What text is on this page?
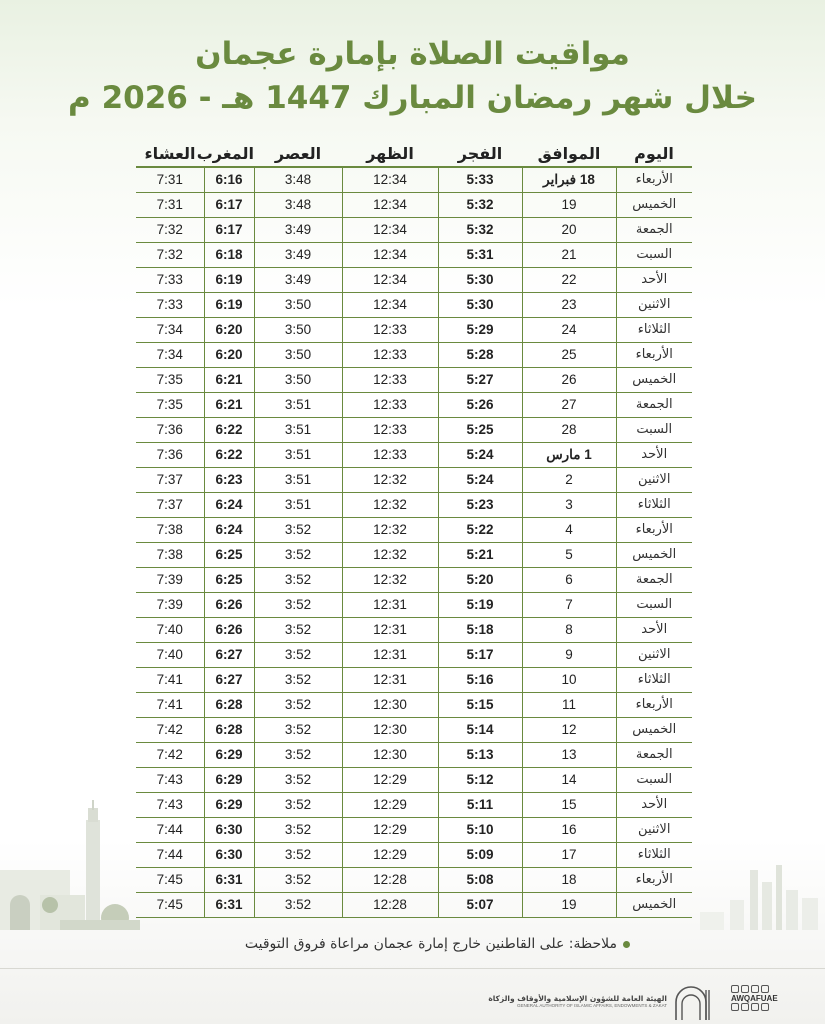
مواقيت الصلاة بإمارة عجمان
خلال شهر رمضان المبارك 1447 هـ - 2026 م
اليوم	الموافق	الفجر	الظهر	العصر	المغرب	العشاء
الأربعاء	18 فبراير	5:33	12:34	3:48	6:16	7:31
الخميس	19	5:32	12:34	3:48	6:17	7:31
الجمعة	20	5:32	12:34	3:49	6:17	7:32
السبت	21	5:31	12:34	3:49	6:18	7:32
الأحد	22	5:30	12:34	3:49	6:19	7:33
الاثنين	23	5:30	12:34	3:50	6:19	7:33
الثلاثاء	24	5:29	12:33	3:50	6:20	7:34
الأربعاء	25	5:28	12:33	3:50	6:20	7:34
الخميس	26	5:27	12:33	3:50	6:21	7:35
الجمعة	27	5:26	12:33	3:51	6:21	7:35
السبت	28	5:25	12:33	3:51	6:22	7:36
الأحد	1 مارس	5:24	12:33	3:51	6:22	7:36
الاثنين	2	5:24	12:32	3:51	6:23	7:37
الثلاثاء	3	5:23	12:32	3:51	6:24	7:37
الأربعاء	4	5:22	12:32	3:52	6:24	7:38
الخميس	5	5:21	12:32	3:52	6:25	7:38
الجمعة	6	5:20	12:32	3:52	6:25	7:39
السبت	7	5:19	12:31	3:52	6:26	7:39
الأحد	8	5:18	12:31	3:52	6:26	7:40
الاثنين	9	5:17	12:31	3:52	6:27	7:40
الثلاثاء	10	5:16	12:31	3:52	6:27	7:41
الأربعاء	11	5:15	12:30	3:52	6:28	7:41
الخميس	12	5:14	12:30	3:52	6:28	7:42
الجمعة	13	5:13	12:30	3:52	6:29	7:42
السبت	14	5:12	12:29	3:52	6:29	7:43
الأحد	15	5:11	12:29	3:52	6:29	7:43
الاثنين	16	5:10	12:29	3:52	6:30	7:44
الثلاثاء	17	5:09	12:29	3:52	6:30	7:44
الأربعاء	18	5:08	12:28	3:52	6:31	7:45
الخميس	19	5:07	12:28	3:52	6:31	7:45
ملاحظة: على القاطنين خارج إمارة عجمان مراعاة فروق التوقيت
الهيئة العامة للشؤون الإسلامية والأوقاف والزكاة
GENERAL AUTHORITY OF ISLAMIC AFFAIRS, ENDOWMENTS & ZAKAT
AWQAFUAE
